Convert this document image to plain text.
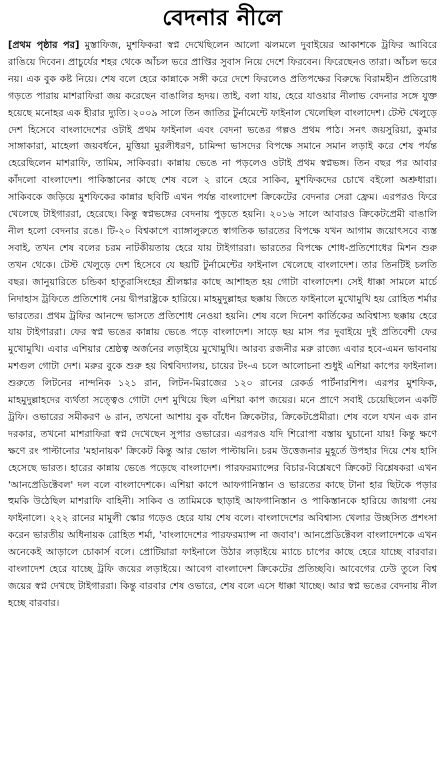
বেদনার নীলে

[প্রথম পৃষ্ঠার পর] মুস্তাফিজ, মুশফিকরা স্বপ্ন দেখেছিলেন আলো ঝলমলে দুবাইয়ের আকাশকে ট্রফির আবিরে রাঙিয়ে দিবেন। প্রাচুর্যের শহর থেকে আঁচল ভরে প্রাপ্তির সুবাস নিয়ে দেশে ফিরবেন। ফিরেছেনও তারা। আঁচল ভরে নয়। এক বুক কষ্ট নিয়ে। শেষ বলে হেরে কান্নাকে সঙ্গী করে দেশে ফিরলেও প্রতিপক্ষের বিরুদ্ধে বিরামহীন প্রতিরোধ গড়তে পারায় মাশরাফিরা জয় করেছেন বাঙালির হৃদয়। তাই, বলা যায়, হেরে যাওয়ার নীলাভ বেদনার সঙ্গে যুক্ত হয়েছে মনোহর এক হীরার দ্যুতি। ২০০৯ সালে তিন জাতির টুর্নামেন্টে ফাইনাল খেলেছিল বাংলাদেশ। টেস্ট খেলুড়ে দেশ হিসেবে বাংলাদেশের ওটাই প্রথম ফাইনাল এবং বেদনা ভঙের গল্পও প্রথম পাঠ। সনৎ জয়সুরিয়া, কুমার সাঙ্গাকারা, মাহেলা জয়বর্ধনে, মুত্তিয়া মুরলীধরণ, চামিন্দা ভাসদের বিপক্ষে সমানে সমান লড়াই করে শেষ পর্যন্ত হেরেছিলেন মাশরাফি, তামিম, সাকিবরা। কান্নায় ভেঙে না পড়লেও ওটাই প্রথম স্বপ্নভঙ্গ। তিন বছর পর আবার কাঁদলো বাংলাদেশ। পাকিস্তানের কাছে শেষ বলে ২ রানে হেরে সাকিব, মুশফিকদের চোখে বইলো অশ্রুধারা। সাকিবকে জড়িয়ে মুশফিকের কান্নার ছবিটি এখন পর্যন্ত বাংলাদেশ ক্রিকেটের বেদনার সেরা ফ্রেম। এরপরও ফিরে খেলেছে টাইগাররা, হেরেছে। কিন্তু স্বপ্নভঙ্গের বেদনায় পুড়তে হয়নি। ২০১৬ সালে আবারও ক্রিকেটপ্রেমী বাঙালি নীল হলো বেদনার রঙে। টি-২০ বিশ্বকাপে ব্যাঙ্গালুরুতে স্বাগতিক ভারতের বিপক্ষে যখন আগাম জয়োৎসবে ব্যস্ত সবাই, তখন শেষ বলের চরম নাটকীয়তায় হেরে যায় টাইগাররা। ভারতের বিপক্ষে শোধ-প্রতিশোধের মিশন শুরু তখন থেকে। টেস্ট খেলুড়ে দেশ হিসেবে যে ছয়টি টুর্নামেন্টের ফাইনাল খেলেছে বাংলাদেশ। তার তিনটিই চলতি বছর। জানুয়ারিতে চন্ডিকা হাতুরাসিংহের শ্রীলঙ্কার কাছে আশাহত হয় গোটা বাংলাদেশ। সেই ধাক্কা সামলে মার্চে নিদাহাস ট্রফিতে প্রতিশোধ নেয় দ্বীপরাষ্ট্রকে হারিয়ে। মাহমুদুল্লাহর ছক্কায় জিতে ফাইনালে মুখোমুখি হয় রোহিত শর্মার ভারতের। প্রথম ট্রফির আনন্দে ভাসতে প্রতিশোধ নেওয়া হয়নি। শেষ বলে দিনেশ কার্তিকের অবিশ্বাস্য ছক্কায় হেরে যায় টাইগাররা। ফের স্বপ্ন ভঙের কান্নায় ভেঙে পড়ে বাংলাদেশ। সাড়ে ছয় মাস পর দুবাইয়ে দুই প্রতিবেশী ফের মুখোমুখি। এবার এশিয়ার শ্রেষ্ঠত্ব অর্জনের লড়াইয়ে মুখোমুখি। আরব্য রজনীর মরু রাজ্যে এবার হবে-এমন ভাবনায় মশগুল গোটা দেশ। মরুর বুকে শুরু হয় বিশ্ববিদ্যালয়, চায়ের টং-এ চলে আলোচনা শুধুই এশিয়া কাপের ফাইনাল। শুরুতে লিটনের নান্দনিক ১২১ রান, লিটন-মিরাজের ১২০ রানের রেকর্ড পার্টনারশিপ। এরপর মুশফিক, মাহমুদুল্লাহদের ব্যর্থতা সত্ত্বেও গোটা দেশ মুখিয়ে ছিল এশিয়া কাপ জয়ের। মনে প্রাণে সবাই চেয়েছিলেন একটি ট্রফি। ওভারের সমীকরণ ৬ রান, তখনো আশায় বুক বাঁধেন ক্রিকেটার, ক্রিকেটপ্রেমীরা। শেষ বলে যখন এক রান দরকার, তখনো মাশরাফিরা স্বপ্ন দেখেছেন সুপার ওভারের। এরপরও যদি শিরোপা বস্তায় ঘুচানো যায়! কিন্তু ক্ষণে ক্ষণে রং পাল্টানোর 'মহানায়ক' ক্রিকেট কিন্তু আর ভোল পাল্টায়নি। চরম উত্তেজনার মুহূর্তে উপহার দিয়ে শেষ হাসি হেসেছে ভারত। হারের কান্নায় ভেঙে পড়েছে বাংলাদেশ। পারফরম্যান্সের বিচার-বিশ্লেষণে ক্রিকেট বিশ্লেষকরা এখন 'আনপ্রেডিক্টেবল' দল বলে বাংলাদেশকে। এশিয়া কাপে আফগানিস্তান ও ভারতের কাছে টানা হার ছিটকে পড়ার হুমকি উঠেছিল মাশরাফি বাহিনী। সাকিব ও তামিমকে ছাড়াই আফগানিস্তান ও পাকিস্তানকে হারিয়ে জায়গা নেয় ফাইনালে। ২২২ রানের মামুলী স্কোর গড়েও হেরে যায় শেষ বলে। বাংলাদেশের অবিশ্বাস্য খেলার উচ্ছসিত প্রশংসা করেন ভারতীয় অধিনায়ক রোহিত শর্মা, 'বাংলাদেশের পারফরম্যান্স না জবাব'। আনপ্রেডিক্টেবল বাংলাদেশকে এখন অনেকেই আড়ালে চোকার্স বলে। প্রোটিয়ারা ফাইনালে উঠার লড়াইয়ে ম্যাচে চাপের কাছে হেরে যাচ্ছে বারবার। বাংলাদেশ হেরে যাচ্ছে ট্রফি জয়ের লড়াইয়ে। আবেগ বাংলাদেশ ক্রিকেটের প্রতিচ্ছবি। আবেগের ঢেউ তুলে বিশ্ব জয়ের স্বপ্ন দেখছে টাইগাররা। কিন্তু বারবার শেষ ওভারে, শেষ বলে এসে ধাক্কা খাচ্ছে। আর স্বপ্ন ভঙের বেদনায় নীল হচ্ছে বারবার।
